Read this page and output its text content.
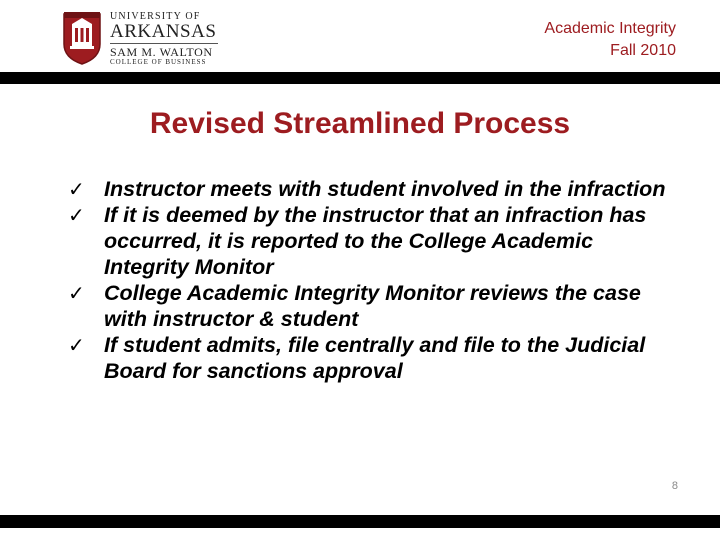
UNIVERSITY OF
ARKANSAS
SAM M. WALTON
COLLEGE OF BUSINESS
Academic Integrity
Fall 2010
Revised Streamlined Process
✓ Instructor meets with student involved in the infraction
✓ If it is deemed by the instructor that an infraction has occurred, it is reported to the College Academic Integrity Monitor
✓ College Academic Integrity Monitor reviews the case with instructor & student
✓ If student admits, file centrally and file to the Judicial Board for sanctions approval
8
